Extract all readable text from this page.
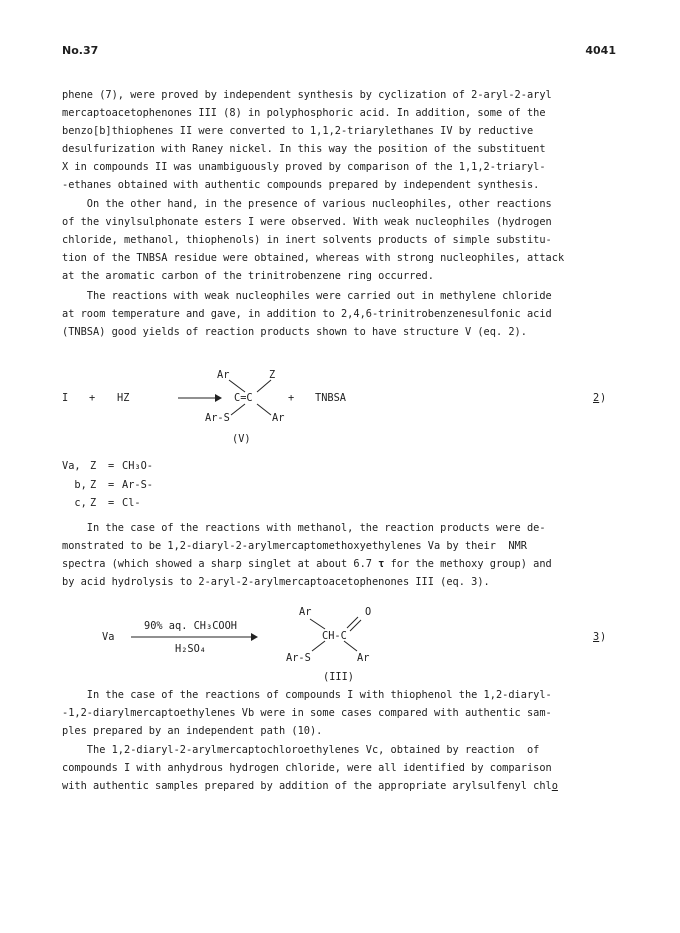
No.37	4041

phene (7), were proved by independent synthesis by cyclization of 2-aryl-2-aryl

mercaptoacetophenones III (8) in polyphosphoric acid. In addition, some of the

benzo[b]thiophenes II were converted to 1,1,2-triarylethanes IV by reductive

desulfurization with Raney nickel. In this way the position of the substituent

X in compounds II was unambiguously proved by comparison of the 1,1,2-triaryl-

-ethanes obtained with authentic compounds prepared by independent synthesis.

On the other hand, in the presence of various nucleophiles, other reactions

of the vinylsulphonate esters I were observed. With weak nucleophiles (hydrogen

chloride, methanol, thiophenols) in inert solvents products of simple substitu-

tion of the TNBSA residue were obtained, whereas with strong nucleophiles, attack

at the aromatic carbon of the trinitrobenzene ring occurred.

The reactions with weak nucleophiles were carried out in methylene chloride

at room temperature and gave, in addition to 2,4,6-trinitrobenzenesulfonic acid

(TNBSA) good yields of reaction products shown to have structure V (eq. 2).

I + HZ
Ar	Z
C=C
Ar-S	Ar
+ TNBSA	2 )
(V)
Va, Z = CH₃O-
b, Z = Ar-S-
c, Z = Cl-

In the case of the reactions with methanol, the reaction products were de-

monstrated to be 1,2-diaryl-2-arylmercaptomethoxyethylenes Va by their  NMR

spectra (which showed a sharp singlet at about 6.7 τ for the methoxy group) and

by acid hydrolysis to 2-aryl-2-arylmercaptoacetophenones III (eq. 3).

Va
90% aq. CH₃COOH
H₂SO₄
Ar	O
CH-C
Ar-S	Ar
3 )
(III)

In the case of the reactions of compounds I with thiophenol the 1,2-diaryl-

-1,2-diarylmercaptoethylenes Vb were in some cases compared with authentic sam-

ples prepared by an independent path (10).

The 1,2-diaryl-2-arylmercaptochloroethylenes Vc, obtained by reaction  of

compounds I with anhydrous hydrogen chloride, were all identified by comparison

with authentic samples prepared by addition of the appropriate arylsulfenyl chlo
